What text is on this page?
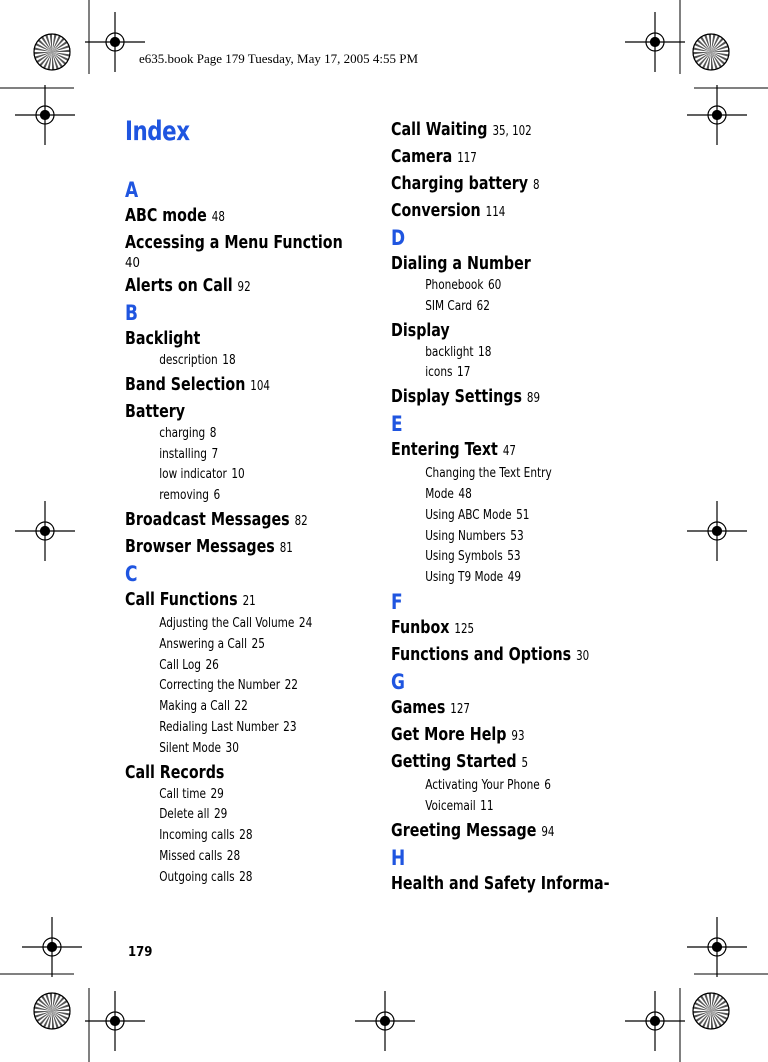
e635.book Page 179 Tuesday, May 17, 2005 4:55 PM
Index
A
ABC mode 48
Accessing a Menu Function
40
Alerts on Call 92
B
Backlight
description 18
Band Selection 104
Battery
charging 8
installing 7
low indicator 10
removing 6
Broadcast Messages 82
Browser Messages 81
C
Call Functions 21
Adjusting the Call Volume 24
Answering a Call 25
Call Log 26
Correcting the Number 22
Making a Call 22
Redialing Last Number 23
Silent Mode 30
Call Records
Call time 29
Delete all 29
Incoming calls 28
Missed calls 28
Outgoing calls 28
Call Waiting 35, 102
Camera 117
Charging battery 8
Conversion 114
D
Dialing a Number
Phonebook 60
SIM Card 62
Display
backlight 18
icons 17
Display Settings 89
E
Entering Text 47
Changing the Text Entry
Mode 48
Using ABC Mode 51
Using Numbers 53
Using Symbols 53
Using T9 Mode 49
F
Funbox 125
Functions and Options 30
G
Games 127
Get More Help 93
Getting Started 5
Activating Your Phone 6
Voicemail 11
Greeting Message 94
H
Health and Safety Informa-
179
